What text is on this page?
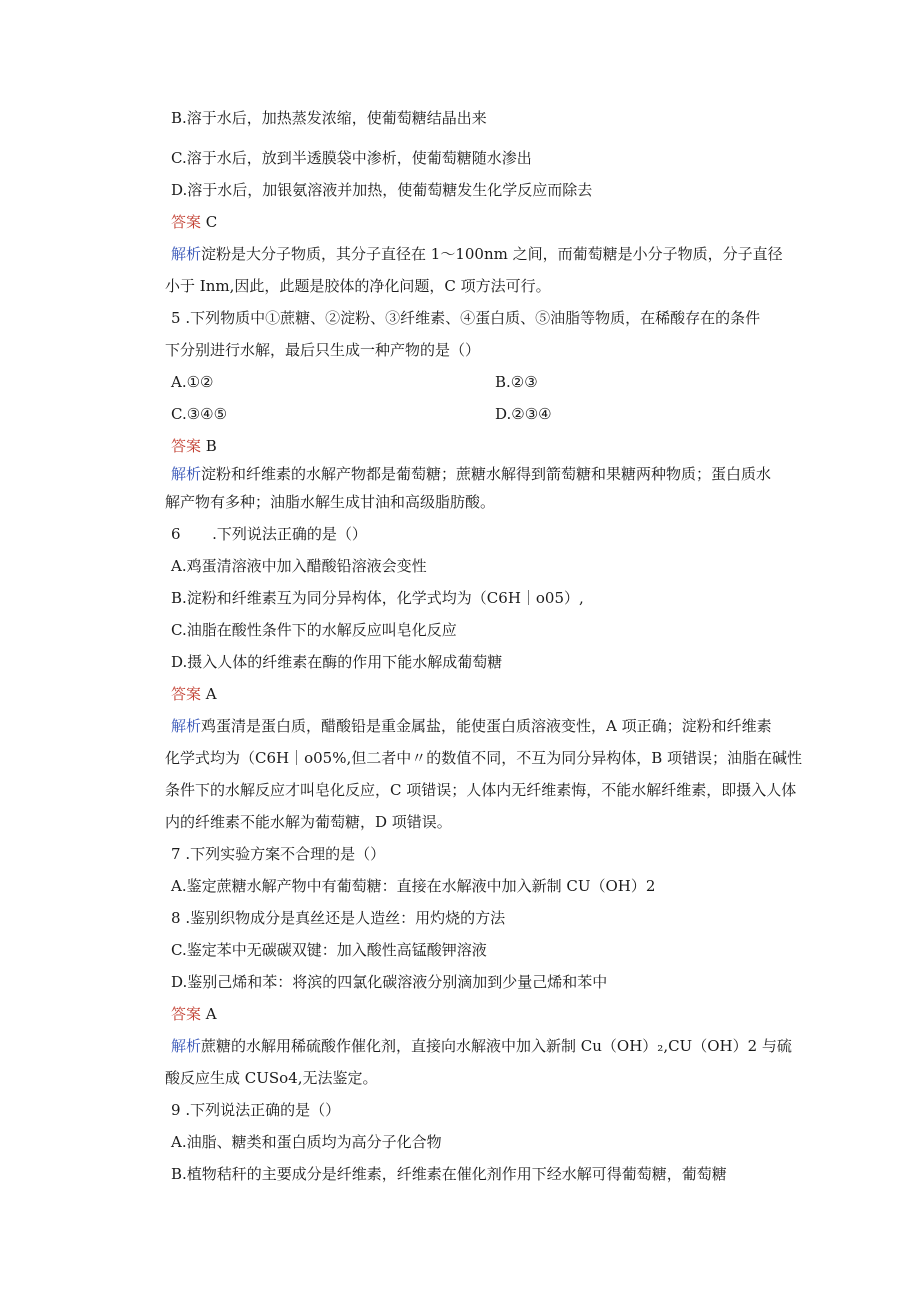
B.溶于水后，加热蒸发浓缩，使葡萄糖结晶出来
C.溶于水后，放到半透膜袋中渗析，使葡萄糖随水渗出
D.溶于水后，加银氨溶液并加热，使葡萄糖发生化学反应而除去
答案 C
解析淀粉是大分子物质，其分子直径在 1～100nm 之间，而葡萄糖是小分子物质，分子直径
小于 Inm,因此，此题是胶体的净化问题，C 项方法可行。
5 .下列物质中①蔗糖、②淀粉、③纤维素、④蛋白质、⑤油脂等物质，在稀酸存在的条件
下分别进行水解，最后只生成一种产物的是（）
A.①②	B.②③
C.③④⑤	D.②③④
答案 B
解析淀粉和纤维素的水解产物都是葡萄糖；蔗糖水解得到箭萄糖和果糖两种物质；蛋白质水
解产物有多种；油脂水解生成甘油和高级脂肪酸。
6 .下列说法正确的是（）
A.鸡蛋清溶液中加入醋酸铅溶液会变性
B.淀粉和纤维素互为同分异构体，化学式均为（C6H｜o05）,
C.油脂在酸性条件下的水解反应叫皂化反应
D.摄入人体的纤维素在酶的作用下能水解成葡萄糖
答案 A
解析鸡蛋清是蛋白质，醋酸铅是重金属盐，能使蛋白质溶液变性，A 项正确；淀粉和纤维素
化学式均为（C6H｜o05%,但二者中〃的数值不同，不互为同分异构体，B 项错误；油脂在碱性
条件下的水解反应才叫皂化反应，C 项错误；人体内无纤维素悔，不能水解纤维素，即摄入人体
内的纤维素不能水解为葡萄糖，D 项错误。
7 .下列实验方案不合理的是（）
A.鉴定蔗糖水解产物中有葡萄糖：直接在水解液中加入新制 CU（OH）2
8 .鉴别织物成分是真丝还是人造丝：用灼烧的方法
C.鉴定苯中无碳碳双键：加入酸性高锰酸钾溶液
D.鉴别己烯和苯：将滨的四氯化碳溶液分别滴加到少量己烯和苯中
答案 A
解析蔗糖的水解用稀硫酸作催化剂，直接向水解液中加入新制 Cu（OH）₂,CU（OH）2 与硫
酸反应生成 CUSo4,无法鉴定。
9 .下列说法正确的是（）
A.油脂、糖类和蛋白质均为高分子化合物
B.植物秸秆的主要成分是纤维素，纤维素在催化剂作用下经水解可得葡萄糖，葡萄糖
